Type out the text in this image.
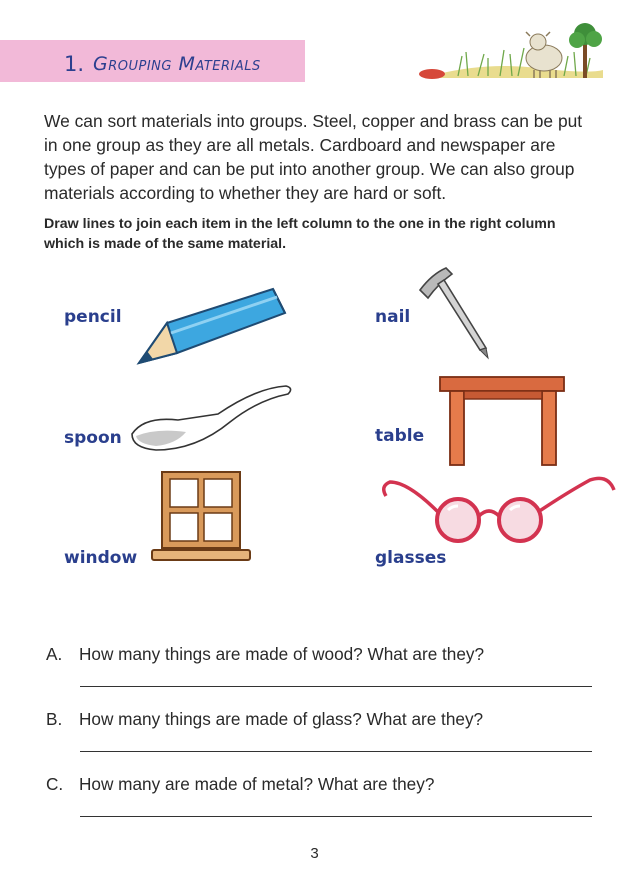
1. Grouping Materials

We can sort materials into groups. Steel, copper and brass can be put in one group as they are all metals. Cardboard and newspaper are types of paper and can be put into another group. We can also group materials according to whether they are hard or soft.

Draw lines to join each item in the left column to the one in the right column which is made of the same material.

pencil
spoon
window
nail
table
glasses
A. How many things are made of wood? What are they?
B. How many things are made of glass? What are they?
C. How many are made of metal? What are they?
3
